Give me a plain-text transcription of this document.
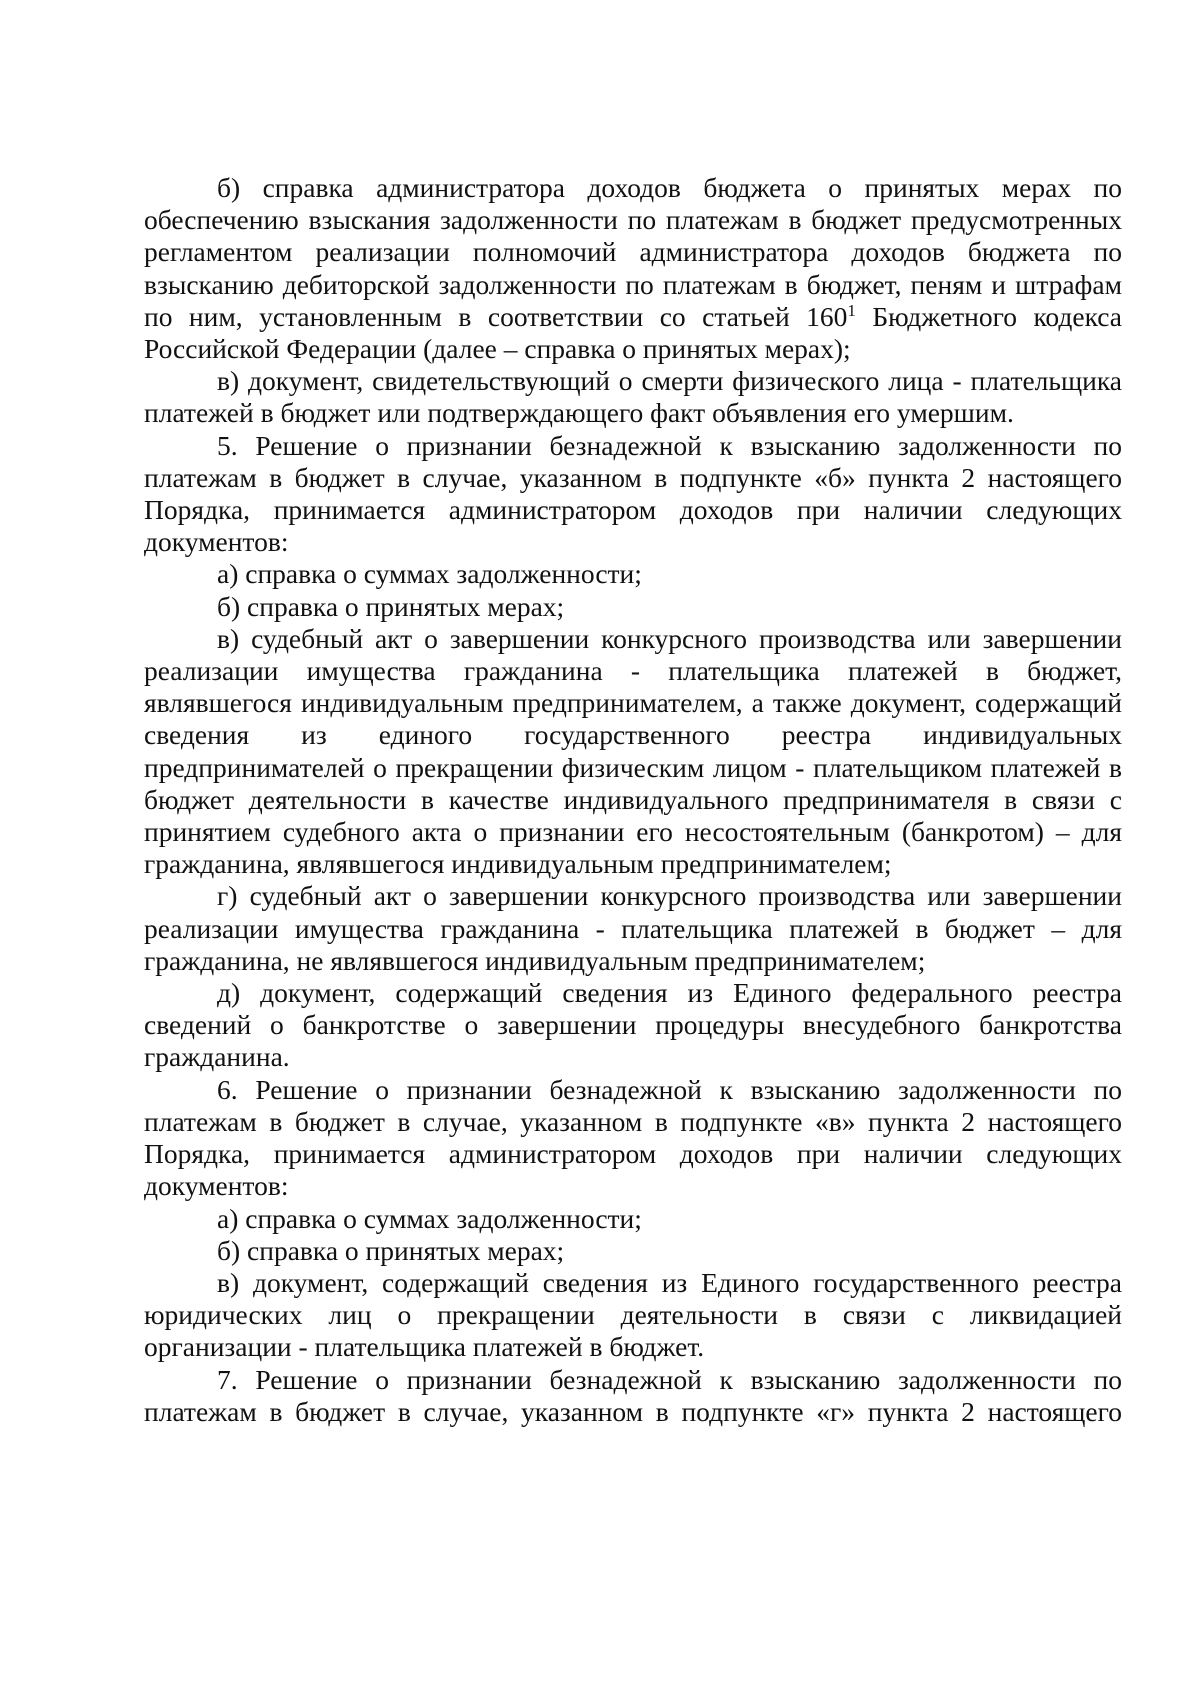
б) справка администратора доходов бюджета о принятых мерах по обеспечению взыскания задолженности по платежам в бюджет предусмотренных регламентом реализации полномочий администратора доходов бюджета по взысканию дебиторской задолженности по платежам в бюджет, пеням и штрафам по ним, установленным в соответствии со статьей $160^1$ Бюджетного кодекса Российской Федерации (далее – справка о принятых мерах);

в) документ, свидетельствующий о смерти физического лица - плательщика платежей в бюджет или подтверждающего факт объявления его умершим.

5. Решение о признании безнадежной к взысканию задолженности по платежам в бюджет в случае, указанном в подпункте «б» пункта 2 настоящего Порядка, принимается администратором доходов при наличии следующих документов:

а) справка о суммах задолженности;

б) справка о принятых мерах;

в) судебный акт о завершении конкурсного производства или завершении реализации имущества гражданина - плательщика платежей в бюджет, являвшегося индивидуальным предпринимателем, а также документ, содержащий сведения из единого государственного реестра индивидуальных предпринимателей о прекращении физическим лицом - плательщиком платежей в бюджет деятельности в качестве индивидуального предпринимателя в связи с принятием судебного акта о признании его несостоятельным (банкротом) – для гражданина, являвшегося индивидуальным предпринимателем;

г) судебный акт о завершении конкурсного производства или завершении реализации имущества гражданина - плательщика платежей в бюджет – для гражданина, не являвшегося индивидуальным предпринимателем;

д) документ, содержащий сведения из Единого федерального реестра сведений о банкротстве о завершении процедуры внесудебного банкротства гражданина.

6. Решение о признании безнадежной к взысканию задолженности по платежам в бюджет в случае, указанном в подпункте «в» пункта 2 настоящего Порядка, принимается администратором доходов при наличии следующих документов:

а) справка о суммах задолженности;

б) справка о принятых мерах;

в) документ, содержащий сведения из Единого государственного реестра юридических лиц о прекращении деятельности в связи с ликвидацией организации - плательщика платежей в бюджет.

7. Решение о признании безнадежной к взысканию задолженности по платежам в бюджет в случае, указанном в подпункте «г» пункта 2 настоящего
